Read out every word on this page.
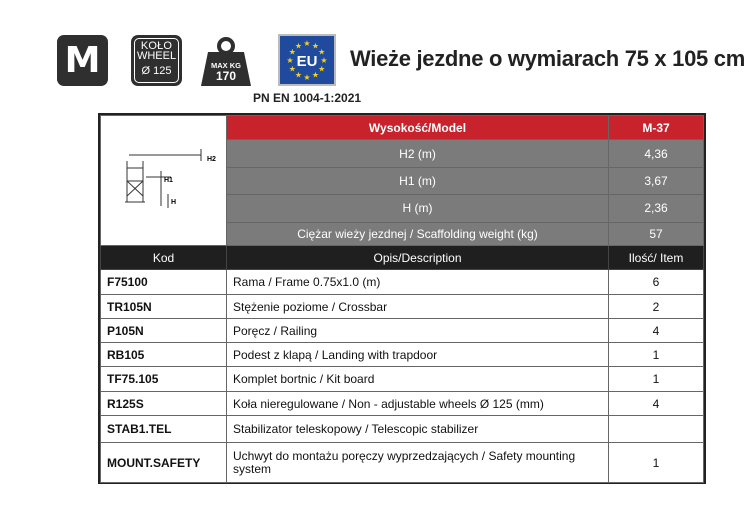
M	KOŁO
WHEEL
Ø 125	MAX KG
170
★ ★
★
★
★
★
★
★
★
★
★
★
EU	Wieże jezdne o wymiarach 75 x 105 cm
PN EN 1004-1:2021
H2
H1
H	Wysokość/Model	M-37
	H2 (m)	4,36
	H1 (m)	3,67
	H (m)	2,36
	Ciężar wieży jezdnej / Scaffolding weight (kg)	57
Kod	Opis/Description	Ilość/ Item
F75100	Rama / Frame 0.75x1.0 (m)	6
TR105N	Stężenie poziome / Crossbar	2
P105N	Poręcz / Railing	4
RB105	Podest z klapą / Landing with trapdoor	1
TF75.105	Komplet bortnic / Kit board	1
R125S	Koła nieregulowane / Non - adjustable wheels Ø 125 (mm)	4
STAB1.TEL	Stabilizator teleskopowy / Telescopic stabilizer	
MOUNT.SAFETY	Uchwyt do montażu poręczy wyprzedzających / Safety mounting system	1
